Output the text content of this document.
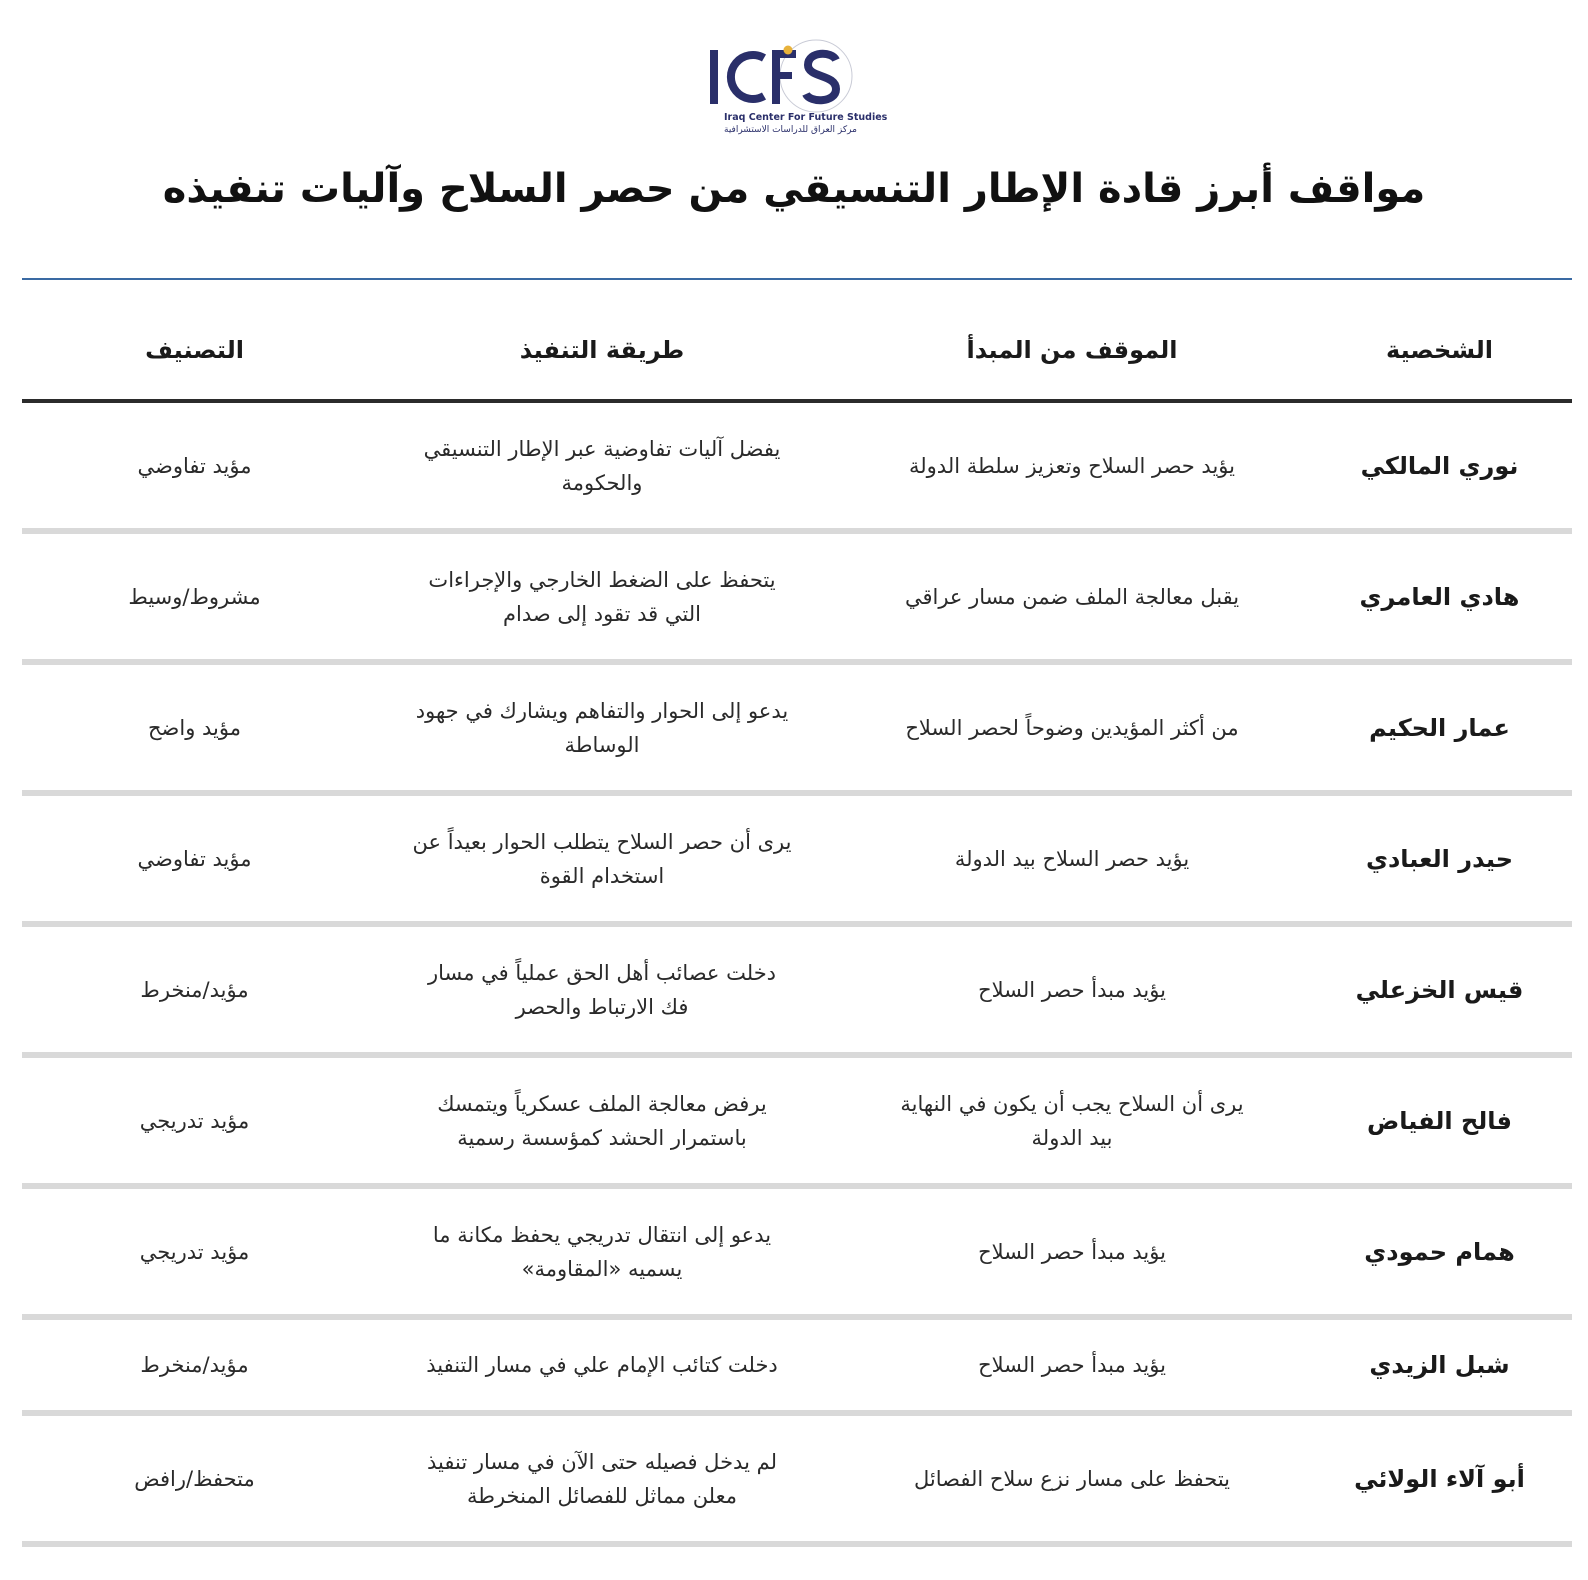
Iraq Center For Future Studies
مركز العراق للدراسات الاستشرافية
مواقف أبرز قادة الإطار التنسيقي من حصر السلاح وآليات تنفيذه
الشخصية
الموقف من المبدأ
طريقة التنفيذ
التصنيف
نوري المالكي
يؤيد حصر السلاح وتعزيز سلطة الدولة
يفضل آليات تفاوضية عبر الإطار التنسيقي والحكومة
مؤيد تفاوضي
هادي العامري
يقبل معالجة الملف ضمن مسار عراقي
يتحفظ على الضغط الخارجي والإجراءات التي قد تقود إلى صدام
مشروط/وسيط
عمار الحكيم
من أكثر المؤيدين وضوحاً لحصر السلاح
يدعو إلى الحوار والتفاهم ويشارك في جهود الوساطة
مؤيد واضح
حيدر العبادي
يؤيد حصر السلاح بيد الدولة
يرى أن حصر السلاح يتطلب الحوار بعيداً عن استخدام القوة
مؤيد تفاوضي
قيس الخزعلي
يؤيد مبدأ حصر السلاح
دخلت عصائب أهل الحق عملياً في مسار فك الارتباط والحصر
مؤيد/منخرط
فالح الفياض
يرى أن السلاح يجب أن يكون في النهاية بيد الدولة
يرفض معالجة الملف عسكرياً ويتمسك باستمرار الحشد كمؤسسة رسمية
مؤيد تدريجي
همام حمودي
يؤيد مبدأ حصر السلاح
يدعو إلى انتقال تدريجي يحفظ مكانة ما يسميه «المقاومة»
مؤيد تدريجي
شبل الزيدي
يؤيد مبدأ حصر السلاح
دخلت كتائب الإمام علي في مسار التنفيذ
مؤيد/منخرط
أبو آلاء الولائي
يتحفظ على مسار نزع سلاح الفصائل
لم يدخل فصيله حتى الآن في مسار تنفيذ معلن مماثل للفصائل المنخرطة
متحفظ/رافض
